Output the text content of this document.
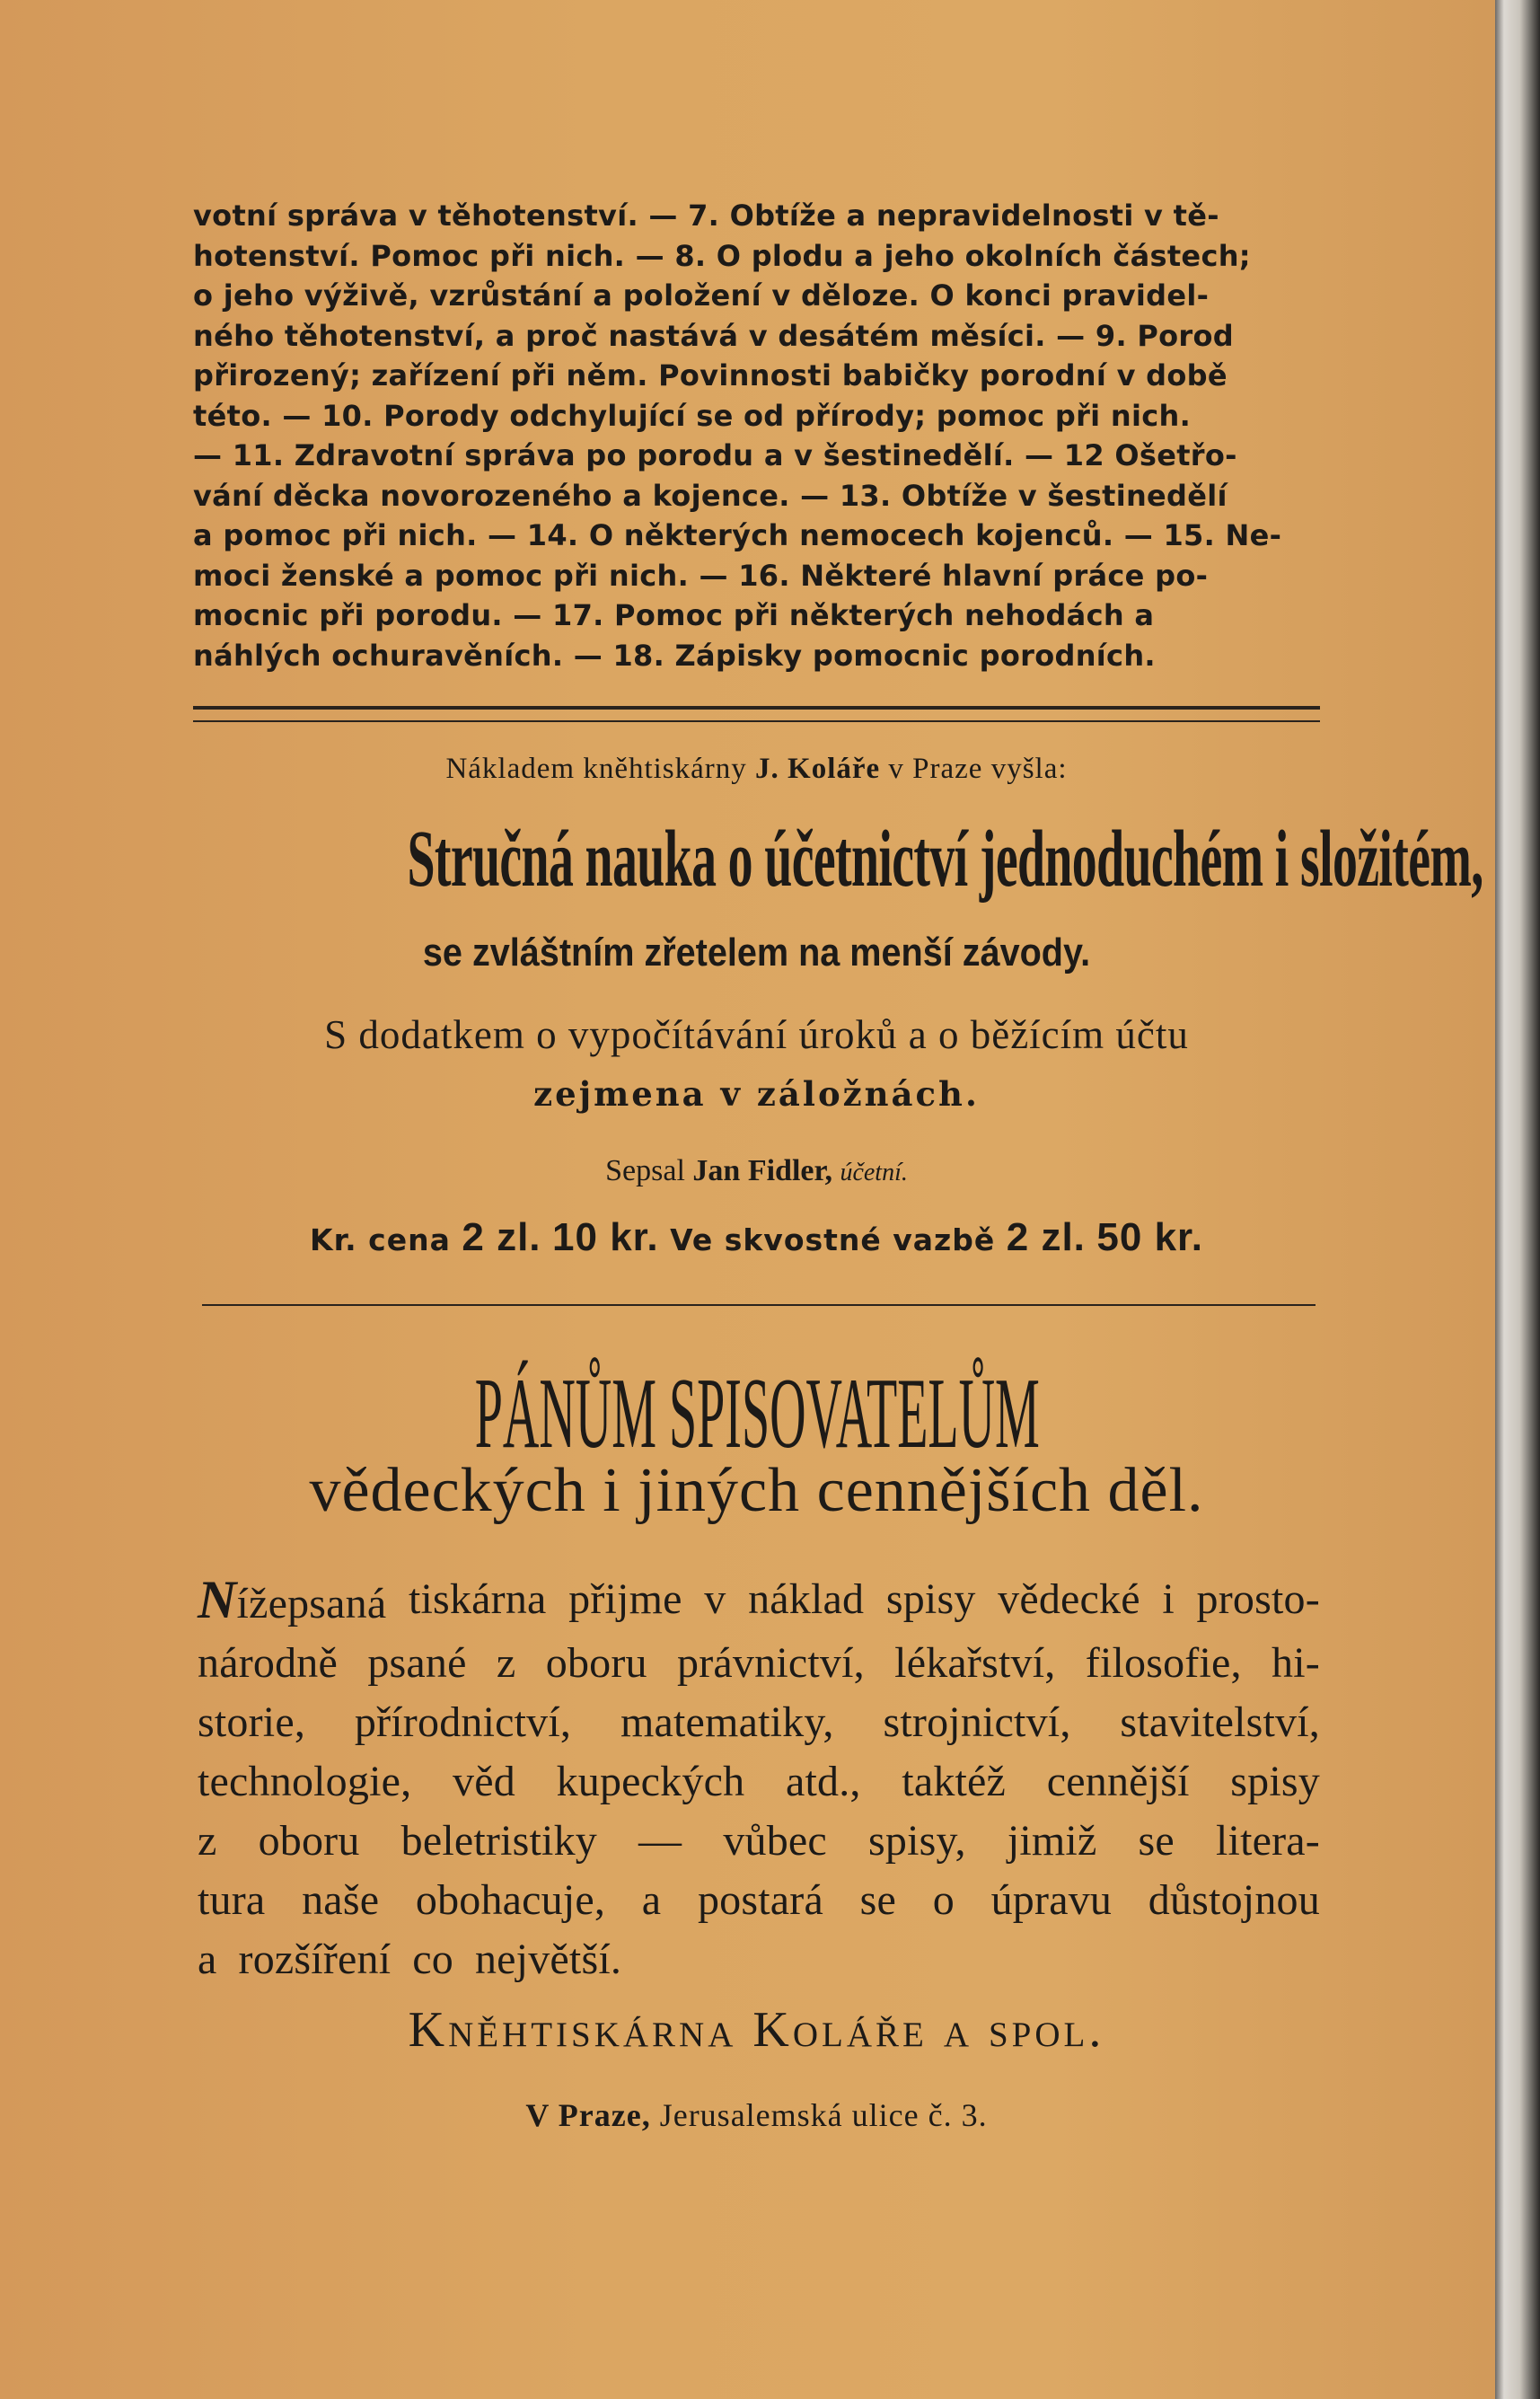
votní správa v těhotenství. — 7. Obtíže a nepravidelnosti v tě-
hotenství. Pomoc při nich. — 8. O plodu a jeho okolních částech;
o jeho výživě, vzrůstání a položení v děloze. O konci pravidel-
ného těhotenství, a proč nastává v desátém měsíci. — 9. Porod
přirozený; zařízení při něm. Povinnosti babičky porodní v době
této. — 10. Porody odchylující se od přírody; pomoc při nich.
— 11. Zdravotní správa po porodu a v šestinedělí. — 12 Ošetřo-
vání děcka novorozeného a kojence. — 13. Obtíže v šestinedělí
a pomoc při nich. — 14. O některých nemocech kojenců. — 15. Ne-
moci ženské a pomoc při nich. — 16. Některé hlavní práce po-
mocnic při porodu. — 17. Pomoc při některých nehodách a
náhlých ochuravěních. — 18. Zápisky pomocnic porodních.
Nákladem kněhtiskárny J. Koláře v Praze vyšla:
Stručná nauka o účetnictví jednoduchém i složitém,
se zvláštním zřetelem na menší závody.
S dodatkem o vypočítávání úroků a o běžícím účtu
zejmena v záložnách.
Sepsal Jan Fidler, účetní.
Kr. cena 2 zl. 10 kr. Ve skvostné vazbě 2 zl. 50 kr.
PÁNŮM SPISOVATELŮM
vědeckých i jiných cennějších děl.
Nížepsaná tiskárna přijme v náklad spisy vědecké i prosto-
národně psané z oboru právnictví, lékařství, filosofie, hi-
storie, přírodnictví, matematiky, strojnictví, stavitelství,
technologie, věd kupeckých atd., taktéž cennější spisy
z oboru beletristiky — vůbec spisy, jimiž se litera-
tura naše obohacuje, a postará se o úpravu důstojnou
a rozšíření co největší.
Kněhtiskárna Koláře a spol.
V Praze, Jerusalemská ulice č. 3.
